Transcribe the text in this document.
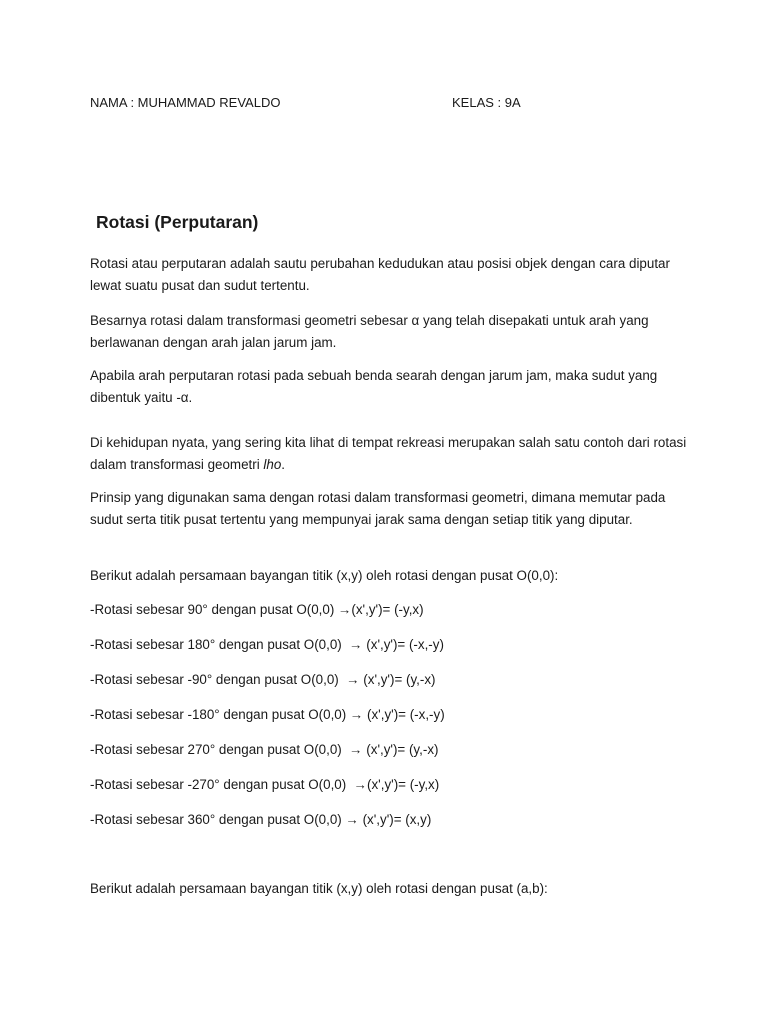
NAMA : MUHAMMAD REVALDO	KELAS : 9A
Rotasi (Perputaran)
Rotasi atau perputaran adalah sautu perubahan kedudukan atau posisi objek dengan cara diputar lewat suatu pusat dan sudut tertentu.
Besarnya rotasi dalam transformasi geometri sebesar α yang telah disepakati untuk arah yang berlawanan dengan arah jalan jarum jam.
Apabila arah perputaran rotasi pada sebuah benda searah dengan jarum jam, maka sudut yang dibentuk yaitu -α.
Di kehidupan nyata, yang sering kita lihat di tempat rekreasi merupakan salah satu contoh dari rotasi dalam transformasi geometri lho.
Prinsip yang digunakan sama dengan rotasi dalam transformasi geometri, dimana memutar pada sudut serta titik pusat tertentu yang mempunyai jarak sama dengan setiap titik yang diputar.
Berikut adalah persamaan bayangan titik (x,y) oleh rotasi dengan pusat O(0,0):
-Rotasi sebesar 90° dengan pusat O(0,0) →(x',y')= (-y,x)
-Rotasi sebesar 180° dengan pusat O(0,0)  → (x',y')= (-x,-y)
-Rotasi sebesar -90° dengan pusat O(0,0)  → (x',y')= (y,-x)
-Rotasi sebesar -180° dengan pusat O(0,0) → (x',y')= (-x,-y)
-Rotasi sebesar 270° dengan pusat O(0,0)  → (x',y')= (y,-x)
-Rotasi sebesar -270° dengan pusat O(0,0)  →(x',y')= (-y,x)
-Rotasi sebesar 360° dengan pusat O(0,0) → (x',y')= (x,y)
Berikut adalah persamaan bayangan titik (x,y) oleh rotasi dengan pusat (a,b):
